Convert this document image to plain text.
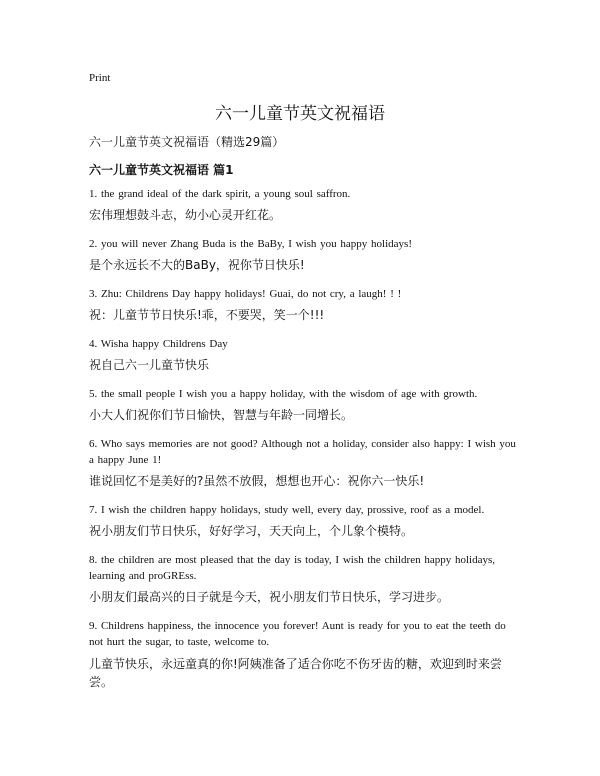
Print
六一儿童节英文祝福语
六一儿童节英文祝福语（精选29篇）
六一儿童节英文祝福语 篇1

1. the grand ideal of the dark spirit, a young soul saffron.

宏伟理想鼓斗志，幼小心灵开红花。

2. you will never Zhang Buda is the BaBy, I wish you happy holidays!

是个永远长不大的BaBy，祝你节日快乐!

3. Zhu: Childrens Day happy holidays! Guai, do not cry, a laugh! ! !

祝：儿童节节日快乐!乖，不要哭，笑一个!!!

4. Wisha happy Childrens Day

祝自己六一儿童节快乐

5. the small people I wish you a happy holiday, with the wisdom of age with growth.

小大人们祝你们节日愉快，智慧与年龄一同增长。

6. Who says memories are not good? Although not a holiday, consider also happy: I wish you a happy June 1!

谁说回忆不是美好的?虽然不放假，想想也开心：祝你六一快乐!

7. I wish the children happy holidays, study well, every day, prossive, roof as a model.

祝小朋友们节日快乐，好好学习，天天向上，个儿象个模特。

8. the children are most pleased that the day is today, I wish the children happy holidays, learning and proGREss.

小朋友们最高兴的日子就是今天，祝小朋友们节日快乐，学习进步。

9. Childrens happiness, the innocence you forever! Aunt is ready for you to eat the teeth do not hurt the sugar, to taste, welcome to.

儿童节快乐，永远童真的你!阿姨准备了适合你吃不伤牙齿的糖，欢迎到时来尝尝。
